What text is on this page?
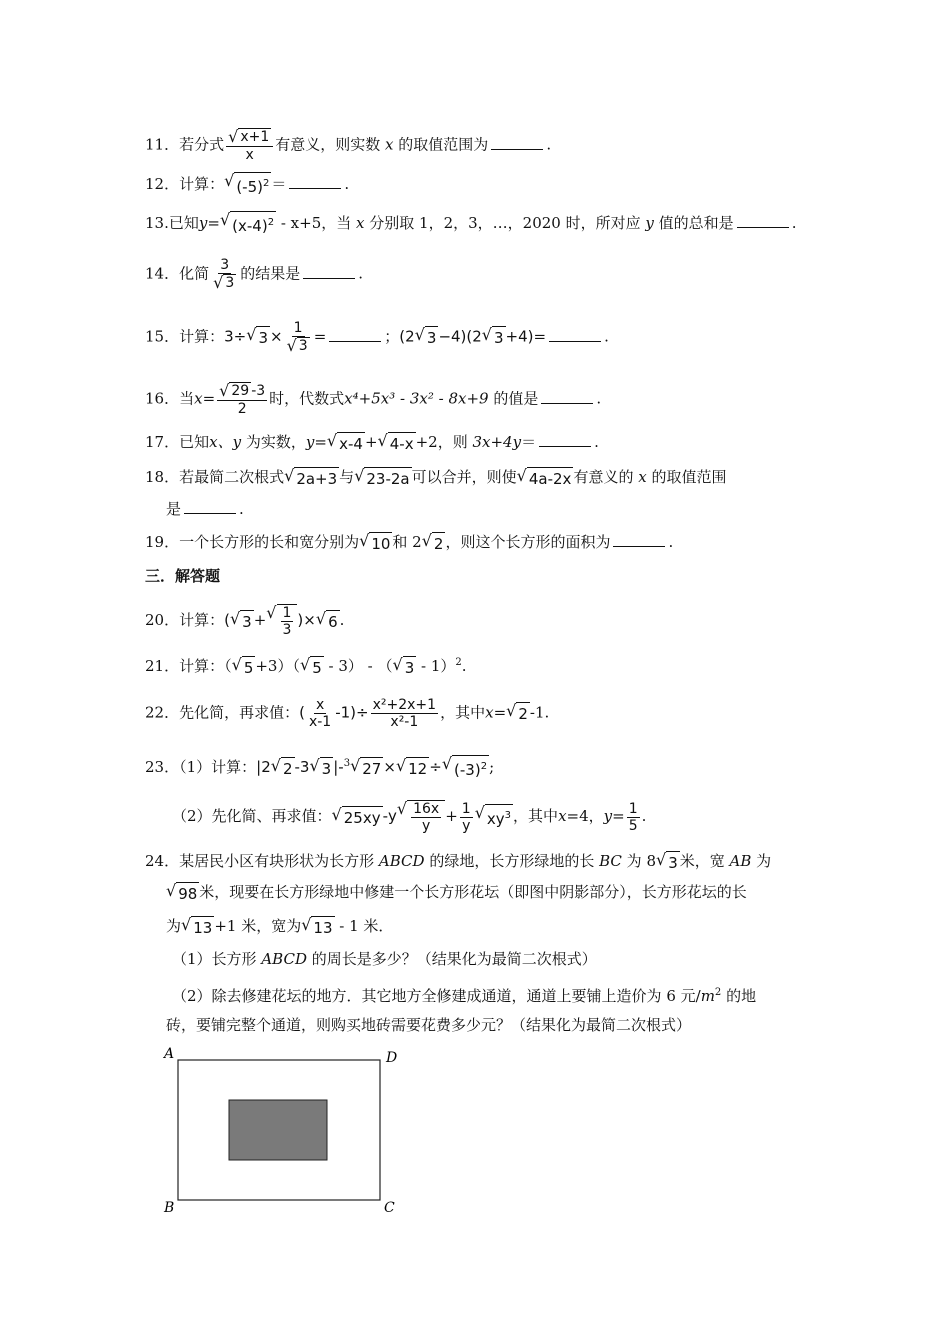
11．若分式 $\frac{√ x+1}{x}$ 有意义，则实数 x 的取值范围为	.
12．计算： √ $(-5)^2$ ＝	.
13.已知y= √ $(x-4)^2 - x+5$，当 x 分别取 1，2，3，…，2020 时，所对应 y 值的总和是	.
14．化简 $\frac{3}{√ 3}$ 的结果是	.
15．计算：3÷ √ $3 \times \frac{1}{√ 3}$ =	；(2 √ 3 −4)(2 √ 3 +4)=	.
16．当$x= \frac{√ 29 -3}{2}$ 时，代数式x⁴+5x³ - 3x² - 8x+9 的值是	.
17．已知x、y 为实数，y= √ x-4 + √ 4-x +2，则 3x+4y＝	.
18．若最简二次根式 √ 2a+3 与 √ 23-2a 可以合并，则使 √ 4a-2x 有意义的 x 的取值范围
是	.
19．一个长方形的长和宽分别为 √ 10 和 2 √ 2 ，则这个长方形的面积为	.
三．解答题
20．计算：( √ 3 + √ $\frac{1}{3}$ )× √ 6 .
21．计算：（ √ 5 +3）（ √ 5 - 3） - （ √ 3 - 1）$^2$.
22．先化简，再求值：( $\frac{x}{x-1} -1)\div \frac{\text{x²+2x+1}}{\text{x²-1}}$ ，其中x= √ 2 -1.
23．（1）计算：|2 √ 2 -3 √ 3 |-$^3$ √ 27 × √ 12 ÷ √ $(-3)^2$ ;
（2）先化简、再求值： √ 25xy -y √ $\frac{16x}{y} + \frac{1}{y}$ √ $xy^3$ ，其中x=4，$y= \frac{1}{5}$ .
24．某居民小区有块形状为长方形 ABCD 的绿地，长方形绿地的长 BC 为 8 √ 3 米，宽 AB 为
√ 98 米，现要在长方形绿地中修建一个长方形花坛（即图中阴影部分），长方形花坛的长
为 √ 13 +1 米，宽为 √ 13 - 1 米．
（1）长方形 ABCD 的周长是多少？（结果化为最简二次根式）
（2）除去修建花坛的地方．其它地方全修建成通道，通道上要铺上造价为 6 元$/m^2$ 的地
砖，要铺完整个通道，则购买地砖需要花费多少元？（结果化为最简二次根式）
A	D
B	C
